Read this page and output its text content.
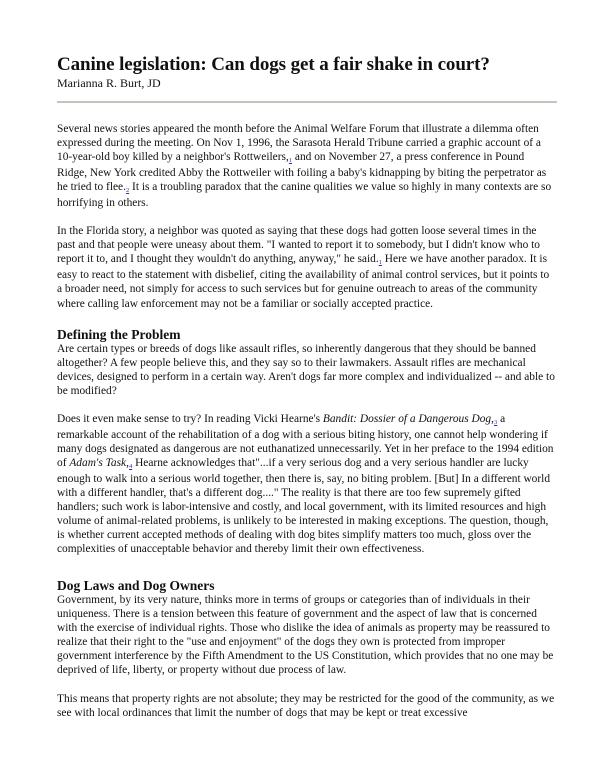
Canine legislation: Can dogs get a fair shake in court?

Marianna R. Burt, JD

Several news stories appeared the month before the Animal Welfare Forum that illustrate a dilemma often expressed during the meeting. On Nov 1, 1996, the Sarasota Herald Tribune carried a graphic account of a 10-year-old boy killed by a neighbor's Rottweilers,1 and on November 27, a press conference in Pound Ridge, New York credited Abby the Rottweiler with foiling a baby's kidnapping by biting the perpetrator as he tried to flee.2 It is a troubling paradox that the canine qualities we value so highly in many contexts are so horrifying in others.

In the Florida story, a neighbor was quoted as saying that these dogs had gotten loose several times in the past and that people were uneasy about them. "I wanted to report it to somebody, but I didn't know who to report it to, and I thought they wouldn't do anything, anyway," he said.1 Here we have another paradox. It is easy to react to the statement with disbelief, citing the availability of animal control services, but it points to a broader need, not simply for access to such services but for genuine outreach to areas of the community where calling law enforcement may not be a familiar or socially accepted practice.

Defining the Problem

Are certain types or breeds of dogs like assault rifles, so inherently dangerous that they should be banned altogether? A few people believe this, and they say so to their lawmakers. Assault rifles are mechanical devices, designed to perform in a certain way. Aren't dogs far more complex and individualized -- and able to be modified?

Does it even make sense to try? In reading Vicki Hearne's Bandit: Dossier of a Dangerous Dog,3 a remarkable account of the rehabilitation of a dog with a serious biting history, one cannot help wondering if many dogs designated as dangerous are not euthanatized unnecessarily. Yet in her preface to the 1994 edition of Adam's Task,4 Hearne acknowledges that"...if a very serious dog and a very serious handler are lucky enough to walk into a serious world together, then there is, say, no biting problem. [But] In a different world with a different handler, that's a different dog...." The reality is that there are too few supremely gifted handlers; such work is labor-intensive and costly, and local government, with its limited resources and high volume of animal-related problems, is unlikely to be interested in making exceptions. The question, though, is whether current accepted methods of dealing with dog bites simplify matters too much, gloss over the complexities of unacceptable behavior and thereby limit their own effectiveness.

Dog Laws and Dog Owners

Government, by its very nature, thinks more in terms of groups or categories than of individuals in their uniqueness. There is a tension between this feature of government and the aspect of law that is concerned with the exercise of individual rights. Those who dislike the idea of animals as property may be reassured to realize that their right to the "use and enjoyment" of the dogs they own is protected from improper government interference by the Fifth Amendment to the US Constitution, which provides that no one may be deprived of life, liberty, or property without due process of law.

This means that property rights are not absolute; they may be restricted for the good of the community, as we see with local ordinances that limit the number of dogs that may be kept or treat excessive
